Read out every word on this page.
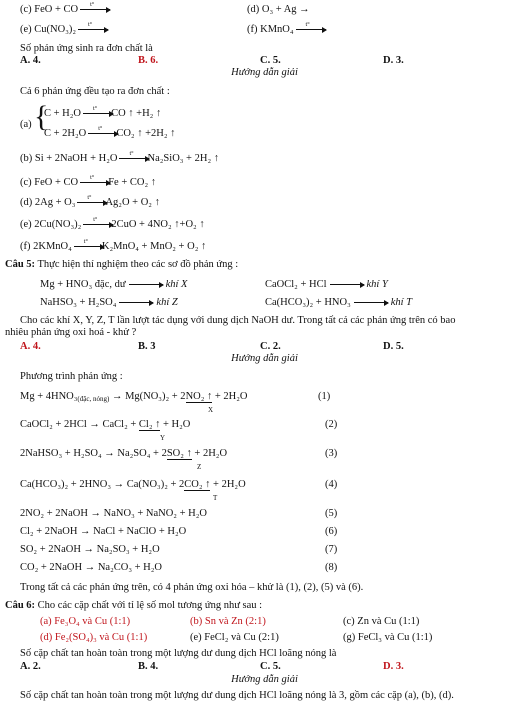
(c) FeO + CO $^{t^\circ}$	(d) O₃ + Ag →
(e) Cu(NO₃)₂ $^{t^\circ}$	(f) KMnO₄ $^{t^\circ}$
Số phản ứng sinh ra đơn chất là
A. 4.	B. 6.	C. 5.	D. 3.
Hướng dẫn giải
Cả 6 phản ứng đều tạo ra đơn chất :
(a) {
C + H₂O $^{t^\circ}$ CO ↑ +H₂ ↑
C + 2H₂O $^{t^\circ}$ CO₂ ↑ +2H₂ ↑
(b) Si + 2NaOH + H₂O $^{t^\circ}$ Na₂SiO₃ + 2H₂ ↑
(c) FeO + CO $^{t^\circ}$ Fe + CO₂ ↑
(d) 2Ag + O₃ $^{t^\circ}$ Ag₂O + O₂ ↑
(e) 2Cu(NO₃)₂ $^{t^\circ}$ 2CuO + 4NO₂ ↑+O₂ ↑
(f) 2KMnO₄ $^{t^\circ}$ K₂MnO₄ + MnO₂ + O₂ ↑
Câu 5: Thực hiện thí nghiệm theo các sơ đồ phản ứng :
Mg + HNO₃ đặc, dư	khí X	CaOCl₂ + HCl	khí Y
NaHSO₃ + H₂SO₄	khí Z	Ca(HCO₃)₂ + HNO₃	khí T
Cho các khí X, Y, Z, T lần lượt tác dụng với dung dịch NaOH dư. Trong tất cả các phản ứng trên có bao
nhiêu phản ứng oxi hoá - khử ?
A. 4.	B. 3	C. 2.	D. 5.
Hướng dẫn giải
Phương trình phản ứng :
$Mg + 4HNO_3_{(đặc, nóng)} \to Mg(NO_3)_2 + 2NO_2$ ↑ + 2H₂O
X
(1)
CaOCl₂ + 2HCl → CaCl₂ + Cl₂ ↑ + H₂O
Y
(2)
2NaHSO₃ + H₂SO₄ → Na₂SO₄ + 2SO₂ ↑ + 2H₂O
Z
(3)
Ca(HCO₃)₂ + 2HNO₃ → Ca(NO₃)₂ + 2CO₂ ↑ + 2H₂O
T
(4)
2NO₂ + 2NaOH → NaNO₃ + NaNO₂ + H₂O	(5)
Cl₂ + 2NaOH → NaCl + NaClO + H₂O	(6)
SO₂ + 2NaOH → Na₂SO₃ + H₂O	(7)
CO₂ + 2NaOH → Na₂CO₃ + H₂O	(8)
Trong tất cả các phản ứng trên, có 4 phản ứng oxi hóa – khử là (1), (2), (5) và (6).
Câu 6: Cho các cặp chất với tỉ lệ số mol tương ứng như sau :
(a) Fe₃O₄ và Cu (1:1)	(b) Sn và Zn (2:1)	(c) Zn và Cu (1:1)
(d) Fe₂(SO₄)₃ và Cu (1:1)	(e) FeCl₂ và Cu (2:1)	(g) FeCl₃ và Cu (1:1)
Số cặp chất tan hoàn toàn trong một lượng dư dung dịch HCl loãng nóng là
A. 2.	B. 4.	C. 5.	D. 3.
Hướng dẫn giải
Số cặp chất tan hoàn toàn trong một lượng dư dung dịch HCl loãng nóng là 3, gồm các cặp (a), (b), (d).
